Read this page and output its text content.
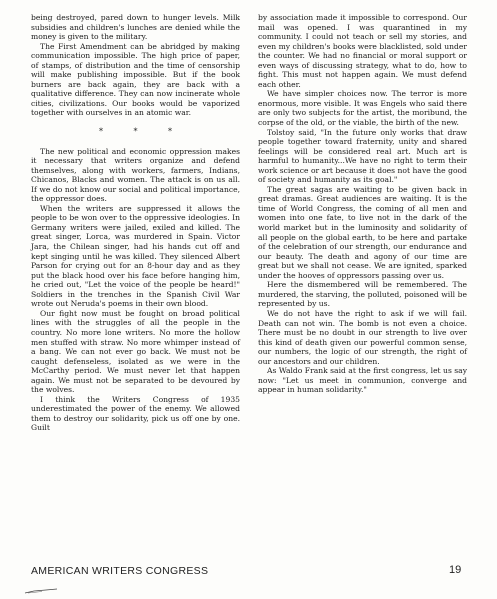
being destroyed, pared down to hunger levels. Milk subsidies and children's lunches are denied while the money is given to the military.

The First Amendment can be abridged by making communication impossible. The high price of paper, of stamps, of distribution and the time of censorship will make publishing impossible. But if the book burners are back again, they are back with a qualitative difference. They can now incinerate whole cities, civilizations. Our books would be vaporized together with ourselves in an atomic war.

* * *

The new political and economic oppression makes it necessary that writers organize and defend themselves, along with workers, farmers, Indians, Chicanos, Blacks and women. The attack is on us all. If we do not know our social and political importance, the oppressor does.

When the writers are suppressed it allows the people to be won over to the oppressive ideologies. In Germany writers were jailed, exiled and killed. The great singer, Lorca, was murdered in Spain. Victor Jara, the Chilean singer, had his hands cut off and kept singing until he was killed. They silenced Albert Parson for crying out for an 8-hour day and as they put the black hood over his face before hanging him, he cried out, "Let the voice of the people be heard!" Soldiers in the trenches in the Spanish Civil War wrote out Neruda's poems in their own blood.

Our fight now must be fought on broad political lines with the struggles of all the people in the country. No more lone writers. No more the hollow men stuffed with straw. No more whimper instead of a bang. We can not ever go back. We must not be caught defenseless, isolated as we were in the McCarthy period. We must never let that happen again. We must not be separated to be devoured by the wolves.

I think the Writers Congress of 1935 underestimated the power of the enemy. We allowed them to destroy our solidarity, pick us off one by one. Guilt

by association made it impossible to correspond. Our mail was opened. I was quarantined in my community. I could not teach or sell my stories, and even my children's books were blacklisted, sold under the counter. We had no financial or moral support or even ways of discussing strategy, what to do, how to fight. This must not happen again. We must defend each other.

We have simpler choices now. The terror is more enormous, more visible. It was Engels who said there are only two subjects for the artist, the moribund, the corpse of the old, or the viable, the birth of the new.

Tolstoy said, "In the future only works that draw people together toward fraternity, unity and shared feelings will be considered real art. Much art is harmful to humanity...We have no right to term their work science or art because it does not have the good of society and humanity as its goal."

The great sagas are waiting to be given back in great dramas. Great audiences are waiting. It is the time of World Congress, the coming of all men and women into one fate, to live not in the dark of the world market but in the luminosity and solidarity of all people on the global earth, to be here and partake of the celebration of our strength, our endurance and our beauty. The death and agony of our time are great but we shall not cease. We are ignited, sparked under the hooves of oppressors passing over us.

Here the dismembered will be remembered. The murdered, the starving, the polluted, poisoned will be represented by us.

We do not have the right to ask if we will fail. Death can not win. The bomb is not even a choice. There must be no doubt in our strength to live over this kind of death given our powerful common sense, our numbers, the logic of our strength, the right of our ancestors and our children.

As Waldo Frank said at the first congress, let us say now: "Let us meet in communion, converge and appear in human solidarity."

AMERICAN WRITERS CONGRESS	19
